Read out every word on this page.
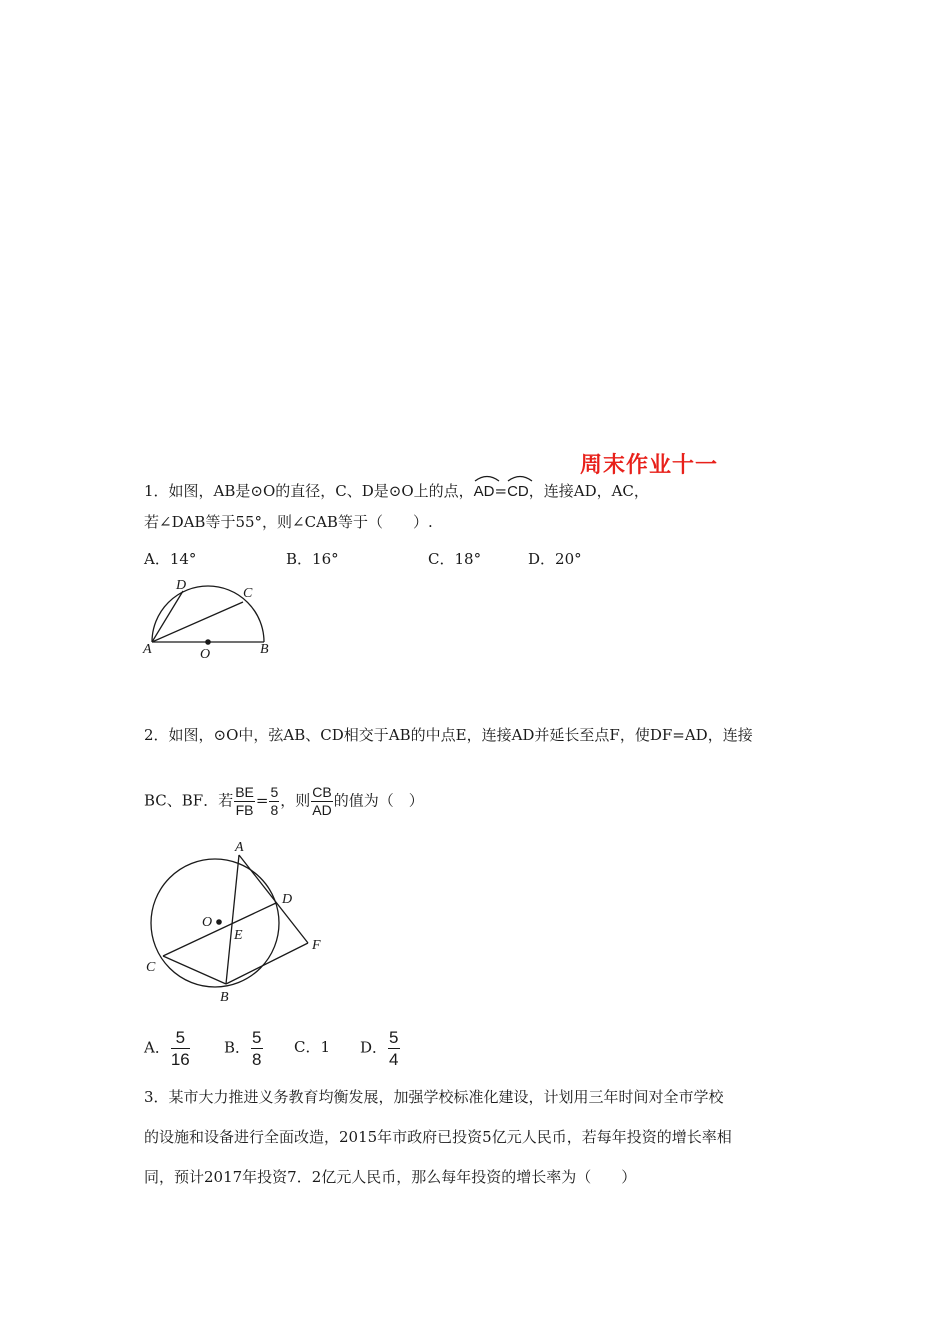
周末作业十一
1．如图，AB是⊙O的直径，C、D是⊙O上的点，
AD=
CD，连接AD，AC，
若∠DAB等于55°，则∠CAB等于（　　）.
A．14°	B．16°	C．18°	D．20°
D
C
A	O	B
2．如图，⊙O中，弦AB、CD相交于AB的中点E，连接AD并延长至点F，使DF=AD，连接
BC、BF．若 $\frac{BE}{FB} = \frac{5}{8}$ ，则 $\frac{CB}{AD}$ 的值为（　）
A
D
O
E
F
C
B
A． $\frac{5}{16}$ B． $\frac{5}{8}$ C．1 D． $\frac{5}{4}$
3．某市大力推进义务教育均衡发展，加强学校标准化建设，计划用三年时间对全市学校
的设施和设备进行全面改造，2015年市政府已投资5亿元人民币，若每年投资的增长率相
同，预计2017年投资7．2亿元人民币，那么每年投资的增长率为（　　）
